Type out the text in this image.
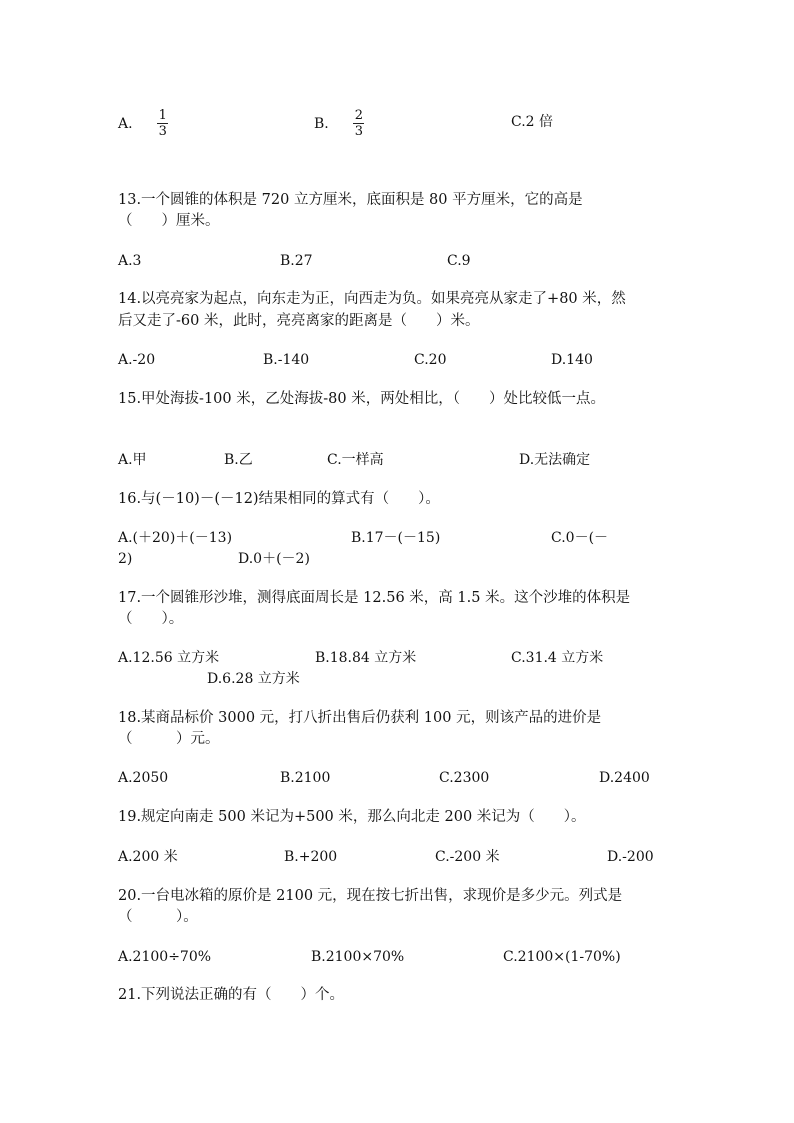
A. $\frac{1}{3}$	B. $\frac{2}{3}$	C.2 倍
13.一个圆锥的体积是 720 立方厘米，底面积是 80 平方厘米，它的高是
（　　）厘米。
A.3	B.27	C.9
14.以亮亮家为起点，向东走为正，向西走为负。如果亮亮从家走了+80 米，然
后又走了-60 米，此时，亮亮离家的距离是（　　）米。
A.-20	B.-140	C.20	D.140
15.甲处海拔-100 米，乙处海拔-80 米，两处相比，（　　）处比较低一点。
A.甲	B.乙	C.一样高	D.无法确定
16.与(－10)－(－12)结果相同的算式有（　　）。
A.(＋20)＋(－13)	B.17－(－15)	C.0－(－
2)	D.0＋(－2)
17.一个圆锥形沙堆，测得底面周长是 12.56 米，高 1.5 米。这个沙堆的体积是
（　　）。
A.12.56 立方米	B.18.84 立方米	C.31.4 立方米
D.6.28 立方米
18.某商品标价 3000 元，打八折出售后仍获利 100 元，则该产品的进价是
（　　　）元。
A.2050	B.2100	C.2300	D.2400
19.规定向南走 500 米记为+500 米，那么向北走 200 米记为（　　）。
A.200 米	B.+200	C.-200 米	D.-200
20.一台电冰箱的原价是 2100 元，现在按七折出售，求现价是多少元。列式是
（　　　）。
A.2100÷70%	B.2100×70%	C.2100×(1-70%)
21.下列说法正确的有（　　）个。
